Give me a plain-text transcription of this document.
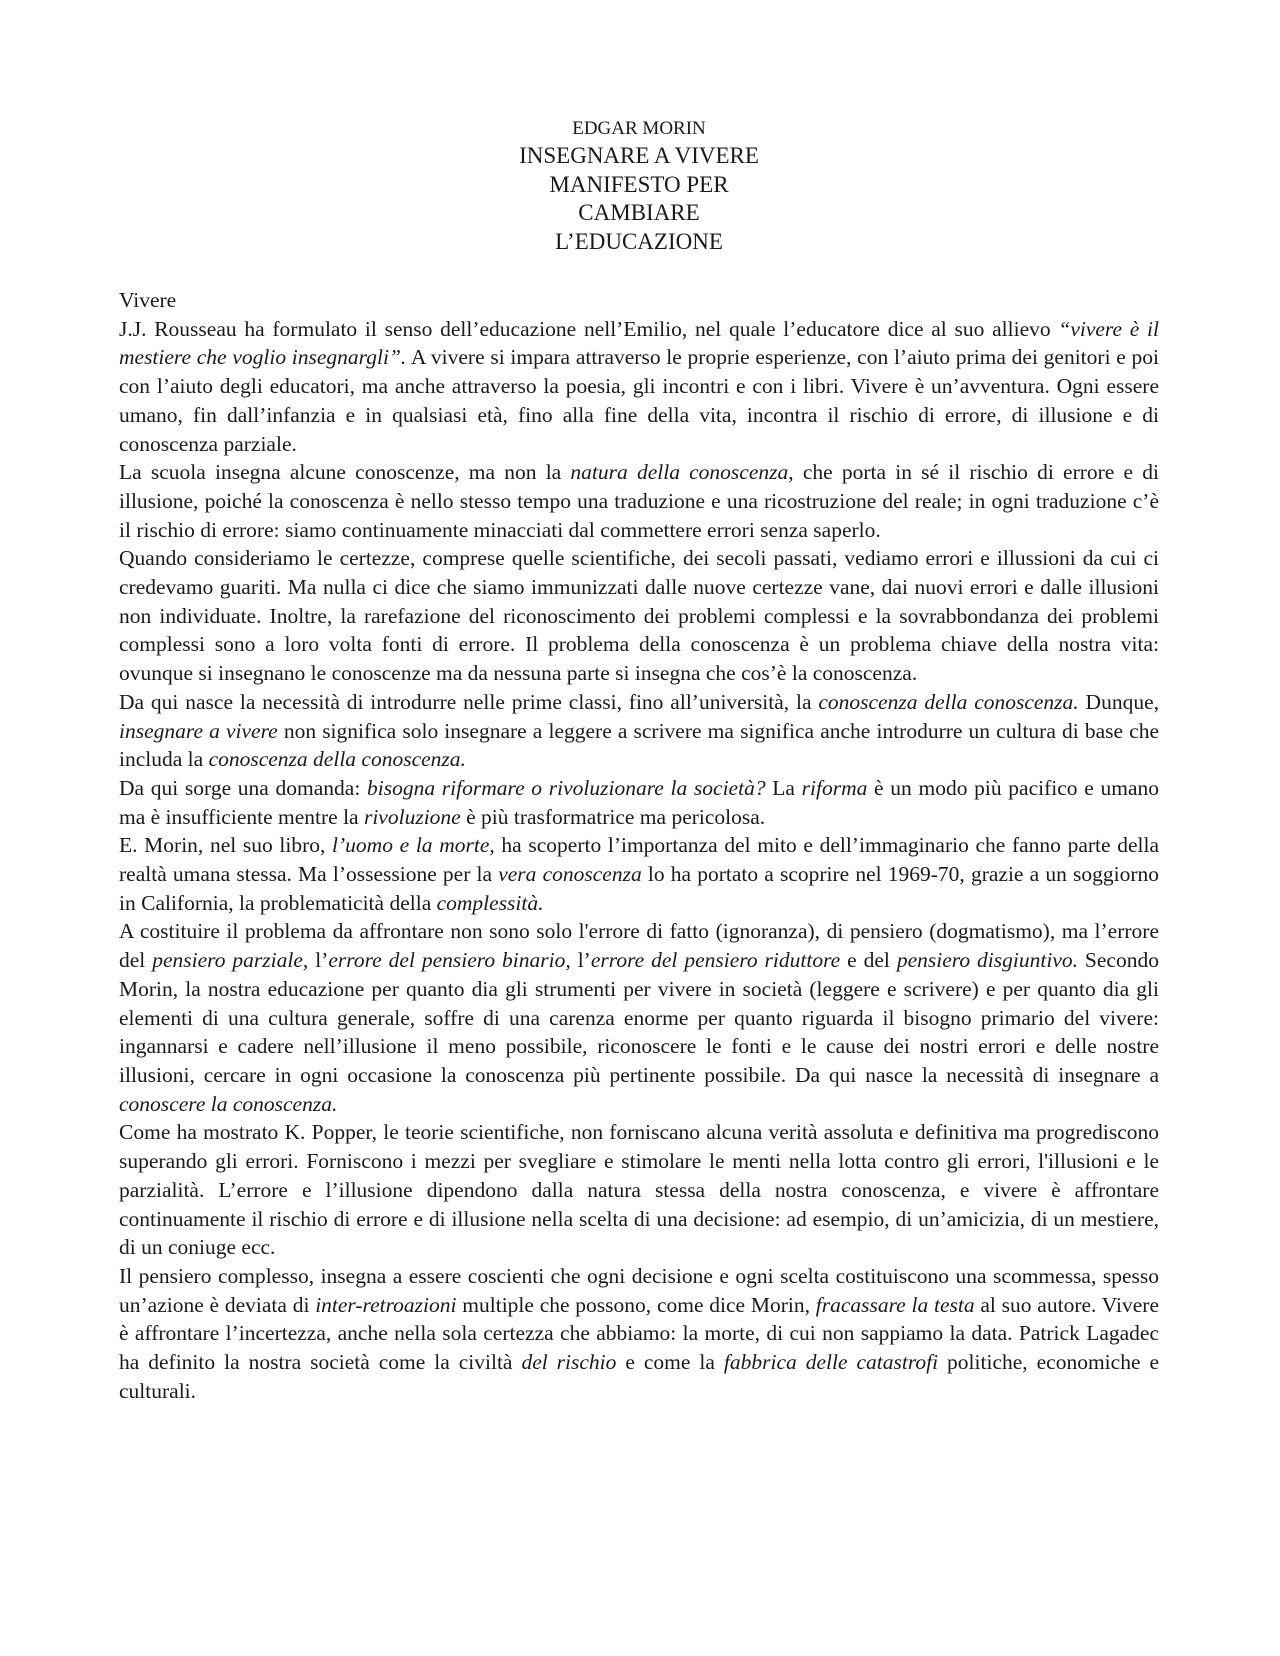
EDGAR MORIN
INSEGNARE A VIVERE
MANIFESTO PER
CAMBIARE
L’EDUCAZIONE

Vivere

J.J. Rousseau ha formulato il senso dell’educazione nell’Emilio, nel quale l’educatore dice al suo allievo “vivere è il mestiere che voglio insegnargli”. A vivere si impara attraverso le proprie esperienze, con l’aiuto prima dei genitori e poi con l’aiuto degli educatori, ma anche attraverso la poesia, gli incontri e con i libri. Vivere è un’avventura. Ogni essere umano, fin dall’infanzia e in qualsiasi età, fino alla fine della vita, incontra il rischio di errore, di illusione e di conoscenza parziale.

La scuola insegna alcune conoscenze, ma non la natura della conoscenza, che porta in sé il rischio di errore e di illusione, poiché la conoscenza è nello stesso tempo una traduzione e una ricostruzione del reale; in ogni traduzione c’è il rischio di errore: siamo continuamente minacciati dal commettere errori senza saperlo.

Quando consideriamo le certezze, comprese quelle scientifiche, dei secoli passati, vediamo errori e illussioni da cui ci credevamo guariti. Ma nulla ci dice che siamo immunizzati dalle nuove certezze vane, dai nuovi errori e dalle illusioni non individuate. Inoltre, la rarefazione del riconoscimento dei problemi complessi e la sovrabbondanza dei problemi complessi sono a loro volta fonti di errore. Il problema della conoscenza è un problema chiave della nostra vita: ovunque si insegnano le conoscenze ma da nessuna parte si insegna che cos’è la conoscenza.

Da qui nasce la necessità di introdurre nelle prime classi, fino all’università, la conoscenza della conoscenza. Dunque, insegnare a vivere non significa solo insegnare a leggere a scrivere ma significa anche introdurre un cultura di base che includa la conoscenza della conoscenza.

Da qui sorge una domanda: bisogna riformare o rivoluzionare la società? La riforma è un modo più pacifico e umano ma è insufficiente mentre la rivoluzione è più trasformatrice ma pericolosa.

E. Morin, nel suo libro, l’uomo e la morte, ha scoperto l’importanza del mito e dell’immaginario che fanno parte della realtà umana stessa. Ma l’ossessione per la vera conoscenza lo ha portato a scoprire nel 1969-70, grazie a un soggiorno in California, la problematicità della complessità.

A costituire il problema da affrontare non sono solo l'errore di fatto (ignoranza), di pensiero (dogmatismo), ma l’errore del pensiero parziale, l’errore del pensiero binario, l’errore del pensiero riduttore e del pensiero disgiuntivo. Secondo Morin, la nostra educazione per quanto dia gli strumenti per vivere in società (leggere e scrivere) e per quanto dia gli elementi di una cultura generale, soffre di una carenza enorme per quanto riguarda il bisogno primario del vivere: ingannarsi e cadere nell’illusione il meno possibile, riconoscere le fonti e le cause dei nostri errori e delle nostre illusioni, cercare in ogni occasione la conoscenza più pertinente possibile. Da qui nasce la necessità di insegnare a conoscere la conoscenza.

Come ha mostrato K. Popper, le teorie scientifiche, non forniscano alcuna verità assoluta e definitiva ma progrediscono superando gli errori. Forniscono i mezzi per svegliare e stimolare le menti nella lotta contro gli errori, l'illusioni e le parzialità. L’errore e l’illusione dipendono dalla natura stessa della nostra conoscenza, e vivere è affrontare continuamente il rischio di errore e di illusione nella scelta di una decisione: ad esempio, di un’amicizia, di un mestiere, di un coniuge ecc.

Il pensiero complesso, insegna a essere coscienti che ogni decisione e ogni scelta costituiscono una scommessa, spesso un’azione è deviata di inter-retroazioni multiple che possono, come dice Morin, fracassare la testa al suo autore. Vivere è affrontare l’incertezza, anche nella sola certezza che abbiamo: la morte, di cui non sappiamo la data. Patrick Lagadec ha definito la nostra società come la civiltà del rischio e come la fabbrica delle catastrofi politiche, economiche e culturali.
